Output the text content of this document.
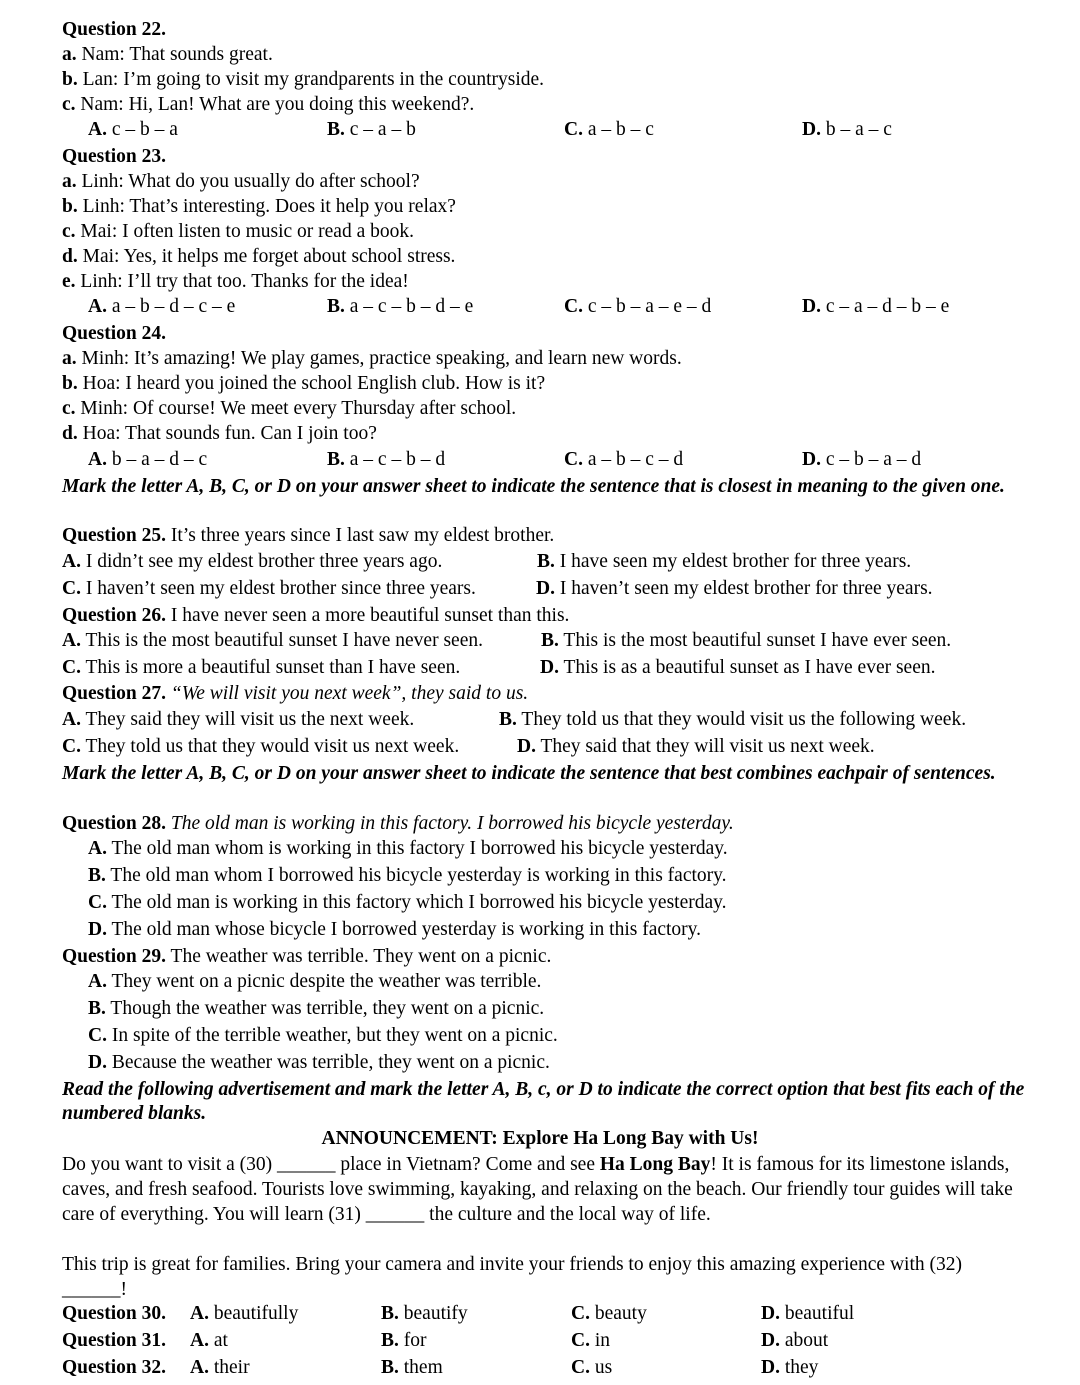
Question 22.
a. Nam: That sounds great.
b. Lan: I’m going to visit my grandparents in the countryside.
c. Nam: Hi, Lan! What are you doing this weekend?.
A. c – b – a	B. c – a – b	C. a – b – c	D. b – a – c
Question 23.
a. Linh: What do you usually do after school?
b. Linh: That’s interesting. Does it help you relax?
c. Mai: I often listen to music or read a book.
d. Mai: Yes, it helps me forget about school stress.
e. Linh: I’ll try that too. Thanks for the idea!
A. a – b – d – c – e	B. a – c – b – d – e	C. c – b – a – e – d	D. c – a – d – b – e
Question 24.
a. Minh: It’s amazing! We play games, practice speaking, and learn new words.
b. Hoa: I heard you joined the school English club. How is it?
c. Minh: Of course! We meet every Thursday after school.
d. Hoa: That sounds fun. Can I join too?
A. b – a – d – c	B. a – c – b – d	C. a – b – c – d	D. c – b – a – d
Mark the letter A, B, C, or D on your answer sheet to indicate the sentence that is closest in meaning to the given one.
Question 25. It’s three years since I last saw my eldest brother.
A. I didn’t see my eldest brother three years ago.	B. I have seen my eldest brother for three years.
C. I haven’t seen my eldest brother since three years.	D. I haven’t seen my eldest brother for three years.
Question 26. I have never seen a more beautiful sunset than this.
A. This is the most beautiful sunset I have never seen.	B. This is the most beautiful sunset I have ever seen.
C. This is more a beautiful sunset than I have seen.	D. This is as a beautiful sunset as I have ever seen.
Question 27. “We will visit you next week”, they said to us.
A. They said they will visit us the next week.	B. They told us that they would visit us the following week.
C. They told us that they would visit us next week.	D. They said that they will visit us next week.
Mark the letter A, B, C, or D on your answer sheet to indicate the sentence that best combines eachpair of sentences.
Question 28. The old man is working in this factory. I borrowed his bicycle yesterday.
A. The old man whom is working in this factory I borrowed his bicycle yesterday.
B. The old man whom I borrowed his bicycle yesterday is working in this factory.
C. The old man is working in this factory which I borrowed his bicycle yesterday.
D. The old man whose bicycle I borrowed yesterday is working in this factory.
Question 29. The weather was terrible. They went on a picnic.
A. They went on a picnic despite the weather was terrible.
B. Though the weather was terrible, they went on a picnic.
C. In spite of the terrible weather, but they went on a picnic.
D. Because the weather was terrible, they went on a picnic.
Read the following advertisement and mark the letter A, B, c, or D to indicate the correct option that best fits each of the numbered blanks.
ANNOUNCEMENT: Explore Ha Long Bay with Us!
Do you want to visit a (30) ______ place in Vietnam? Come and see Ha Long Bay! It is famous for its limestone islands, caves, and fresh seafood. Tourists love swimming, kayaking, and relaxing on the beach. Our friendly tour guides will take care of everything. You will learn (31) ______ the culture and the local way of life.
This trip is great for families. Bring your camera and invite your friends to enjoy this amazing experience with (32) ______!
Question 30. A. beautifully	B. beautify	C. beauty	D. beautiful
Question 31. A. at	B. for	C. in	D. about
Question 32. A. their	B. them	C. us	D. they
